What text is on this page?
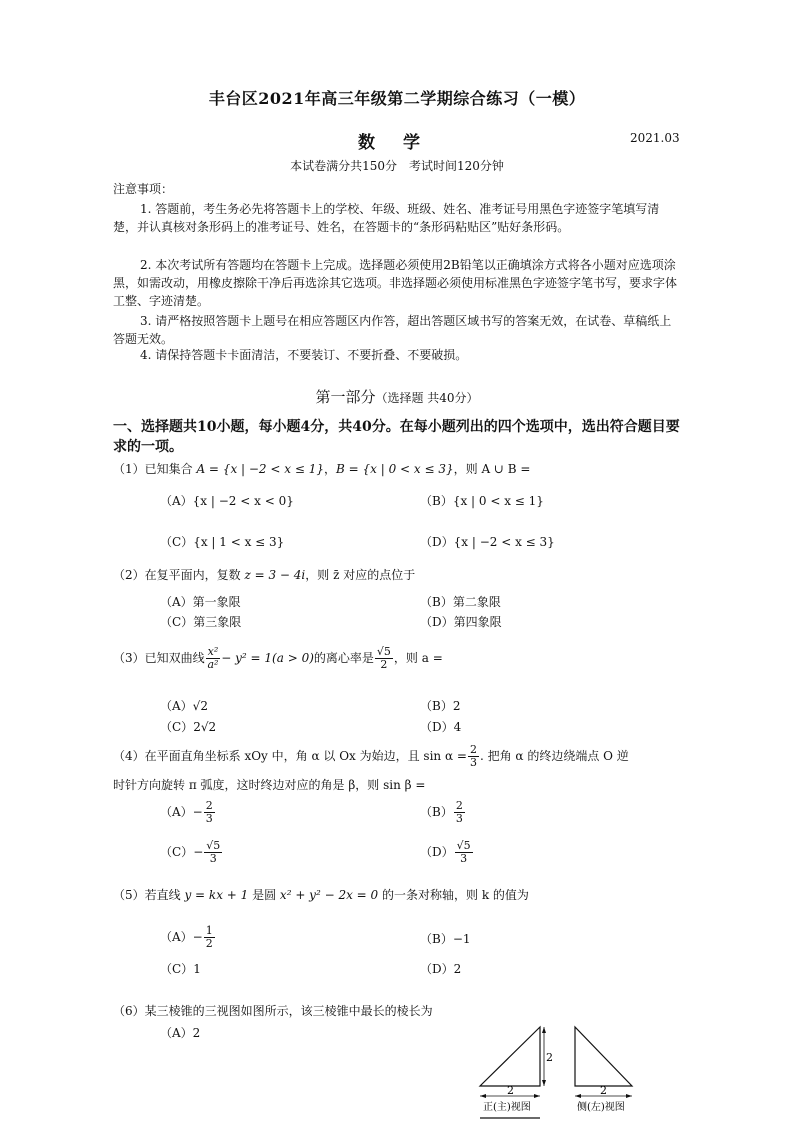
丰台区2021年高三年级第二学期综合练习（一模）
数学	2021.03
本试卷满分共150分　考试时间120分钟
注意事项：
1. 答题前，考生务必先将答题卡上的学校、年级、班级、姓名、准考证号用黑色字迹签字笔填写清楚，并认真核对条形码上的准考证号、姓名，在答题卡的“条形码粘贴区”贴好条形码。
2. 本次考试所有答题均在答题卡上完成。选择题必须使用2B铅笔以正确填涂方式将各小题对应选项涂黑，如需改动，用橡皮擦除干净后再选涂其它选项。非选择题必须使用标准黑色字迹签字笔书写，要求字体工整、字迹清楚。
3. 请严格按照答题卡上题号在相应答题区内作答，超出答题区域书写的答案无效，在试卷、草稿纸上答题无效。
4. 请保持答题卡卡面清洁，不要装订、不要折叠、不要破损。
第一部分（选择题 共40分）
一、选择题共10小题，每小题4分，共40分。在每小题列出的四个选项中，选出符合题目要求的一项。
（1）已知集合 A = {x | −2 < x ≤ 1}，B = {x | 0 < x ≤ 3}，则 A ∪ B =
（A）{x | −2 < x < 0}	（B）{x | 0 < x ≤ 1}
（C）{x | 1 < x ≤ 3}	（D）{x | −2 < x ≤ 3}
（2）在复平面内，复数 z = 3 − 4i，则 z̄ 对应的点位于
（A）第一象限	（B）第二象限
（C）第三象限	（D）第四象限
（3）已知双曲线 $\frac{\text{x²}}{\text{a²}} - y^2 = 1(a > 0)$的离心率是 $\frac{√5}{2}$ ，则 a =
（A）√2	（B）2
（C）2√2	（D）4
（4）在平面直角坐标系 xOy 中，角 α 以 Ox 为始边，且 $\sin \alpha = \frac{2}{3}$ . 把角 α 的终边绕端点 O 逆
时针方向旋转 π 弧度，这时终边对应的角是 β，则 sin β =
$(A)- \frac{2}{3}$	$(B) \frac{2}{3}$
$(C)- \frac{√5}{3}$	$(D) \frac{√5}{3}$
（5）若直线 y = kx + 1 是圆 x² + y² − 2x = 0 的一条对称轴，则 k 的值为
$(A)- \frac{1}{2}$	（B）−1
（C）1	（D）2
（6）某三棱锥的三视图如图所示，该三棱锥中最长的棱长为
（A）2
2
2
正(主)视图
2
侧(左)视图
